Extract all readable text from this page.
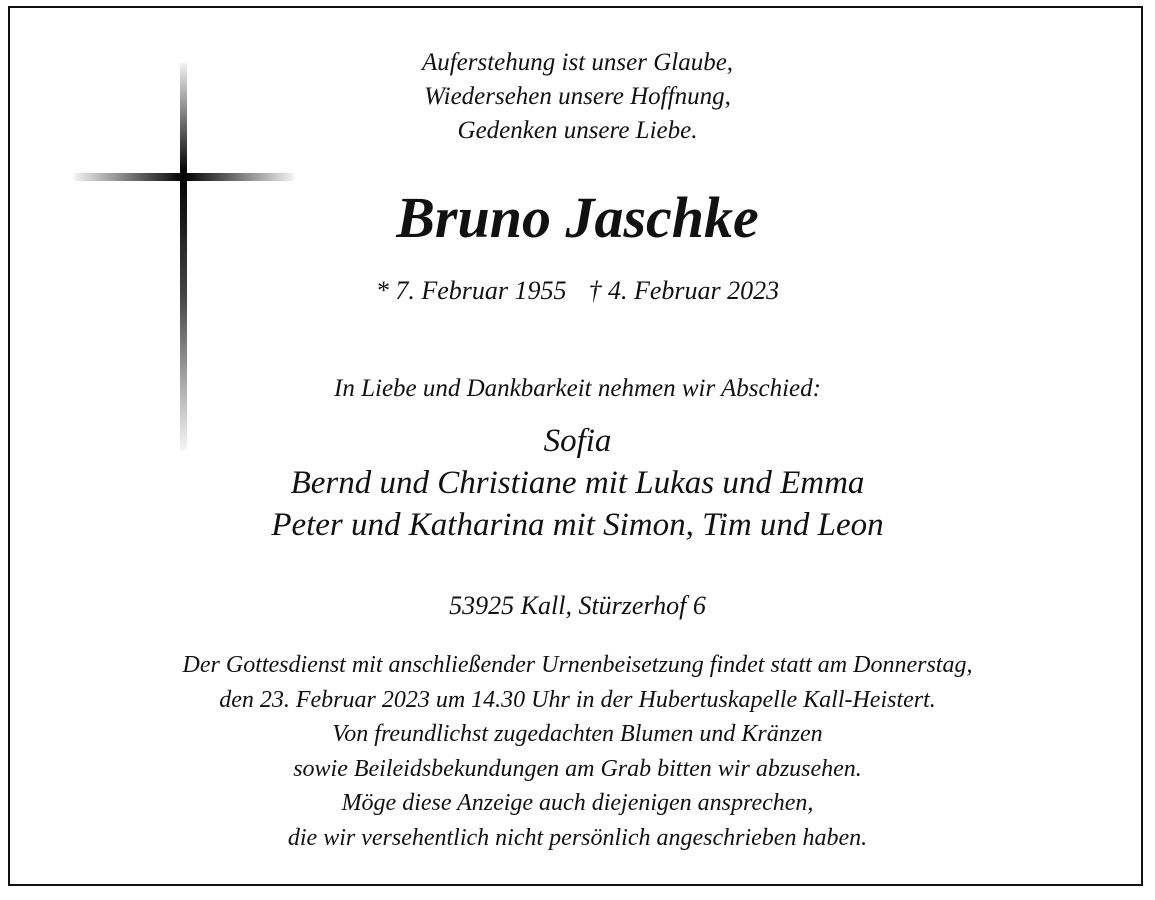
Auferstehung ist unser Glaube,
Wiedersehen unsere Hoffnung,
Gedenken unsere Liebe.
Bruno Jaschke
* 7. Februar 1955 † 4. Februar 2023
In Liebe und Dankbarkeit nehmen wir Abschied:
Sofia
Bernd und Christiane mit Lukas und Emma
Peter und Katharina mit Simon, Tim und Leon
53925 Kall, Stürzerhof 6
Der Gottesdienst mit anschließender Urnenbeisetzung findet statt am Donnerstag,
den 23. Februar 2023 um 14.30 Uhr in der Hubertuskapelle Kall-Heistert.
Von freundlichst zugedachten Blumen und Kränzen
sowie Beileidsbekundungen am Grab bitten wir abzusehen.
Möge diese Anzeige auch diejenigen ansprechen,
die wir versehentlich nicht persönlich angeschrieben haben.
